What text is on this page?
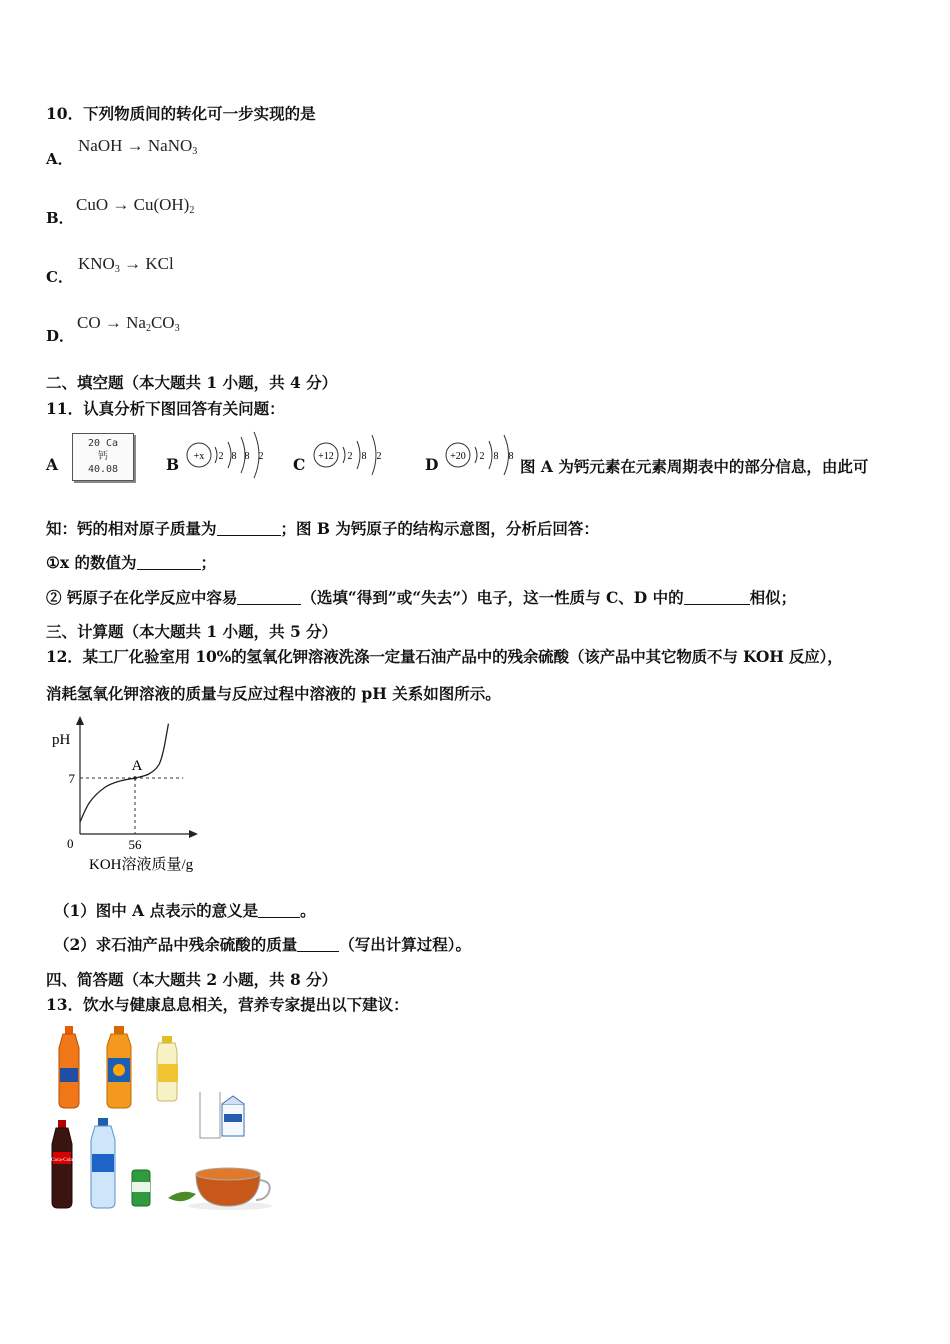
10．下列物质间的转化可一步实现的是
A．
NaOH → NaNO$_3$
B．
CuO → $Cu(OH)_2$
C．
$KNO_3$ → KCl
D．
CO → $Na_2CO_3$
二、填空题（本大题共 1 小题，共 4 分）
11．认真分析下图回答有关问题：
A
20 Ca
钙
40.08	B +x 2 8 8 2 C +12 2 8 2	D +20 2 8 8
图 A 为钙元素在元素周期表中的部分信息，由此可
知：钙的相对原子质量为	；图 B 为钙原子的结构示意图，分析后回答：
①x 的数值为	；
② 钙原子在化学反应中容易	（选填“得到”或“失去”）电子，这一性质与 C、D 中的	相似；
三、计算题（本大题共 1 小题，共 5 分）
12．某工厂化验室用 10%的氢氧化钾溶液洗涤一定量石油产品中的残余硫酸（该产品中其它物质不与 KOH 反应），
消耗氢氧化钾溶液的质量与反应过程中溶液的 pH 关系如图所示。
pH
0
KOH溶液质量/g
7
56
A
（1）图中 A 点表示的意义是	。
（2）求石油产品中残余硫酸的质量	（写出计算过程）。
四、简答题（本大题共 2 小题，共 8 分）
13．饮水与健康息息相关，营养专家提出以下建议：
Coca-Cola
